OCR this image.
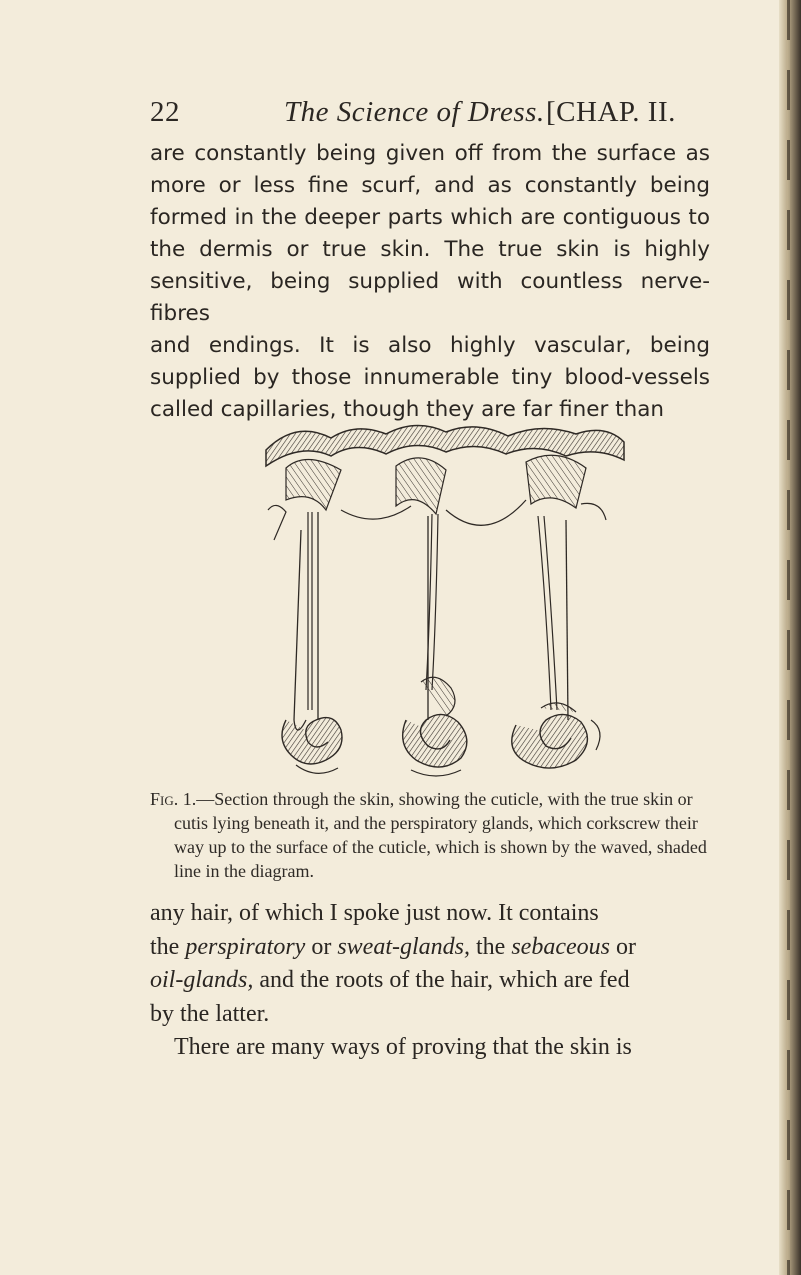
22	The Science of Dress. [CHAP. II.

are constantly being given off from the surface as

more or less fine scurf, and as constantly being

formed in the deeper parts which are contiguous to

the dermis or true skin. The true skin is highly

sensitive, being supplied with countless nerve-fibres

and endings. It is also highly vascular, being

supplied by those innumerable tiny blood-vessels

called capillaries, though they are far finer than

Fig. 1.—Section through the skin, showing the cuticle, with the true skin or cutis lying beneath it, and the perspiratory glands, which corkscrew their way up to the surface of the cuticle, which is shown by the waved, shaded line in the diagram.

any hair, of which I spoke just now. It contains

the perspiratory or sweat-glands, the sebaceous or

oil-glands, and the roots of the hair, which are fed

by the latter.

There are many ways of proving that the skin is
